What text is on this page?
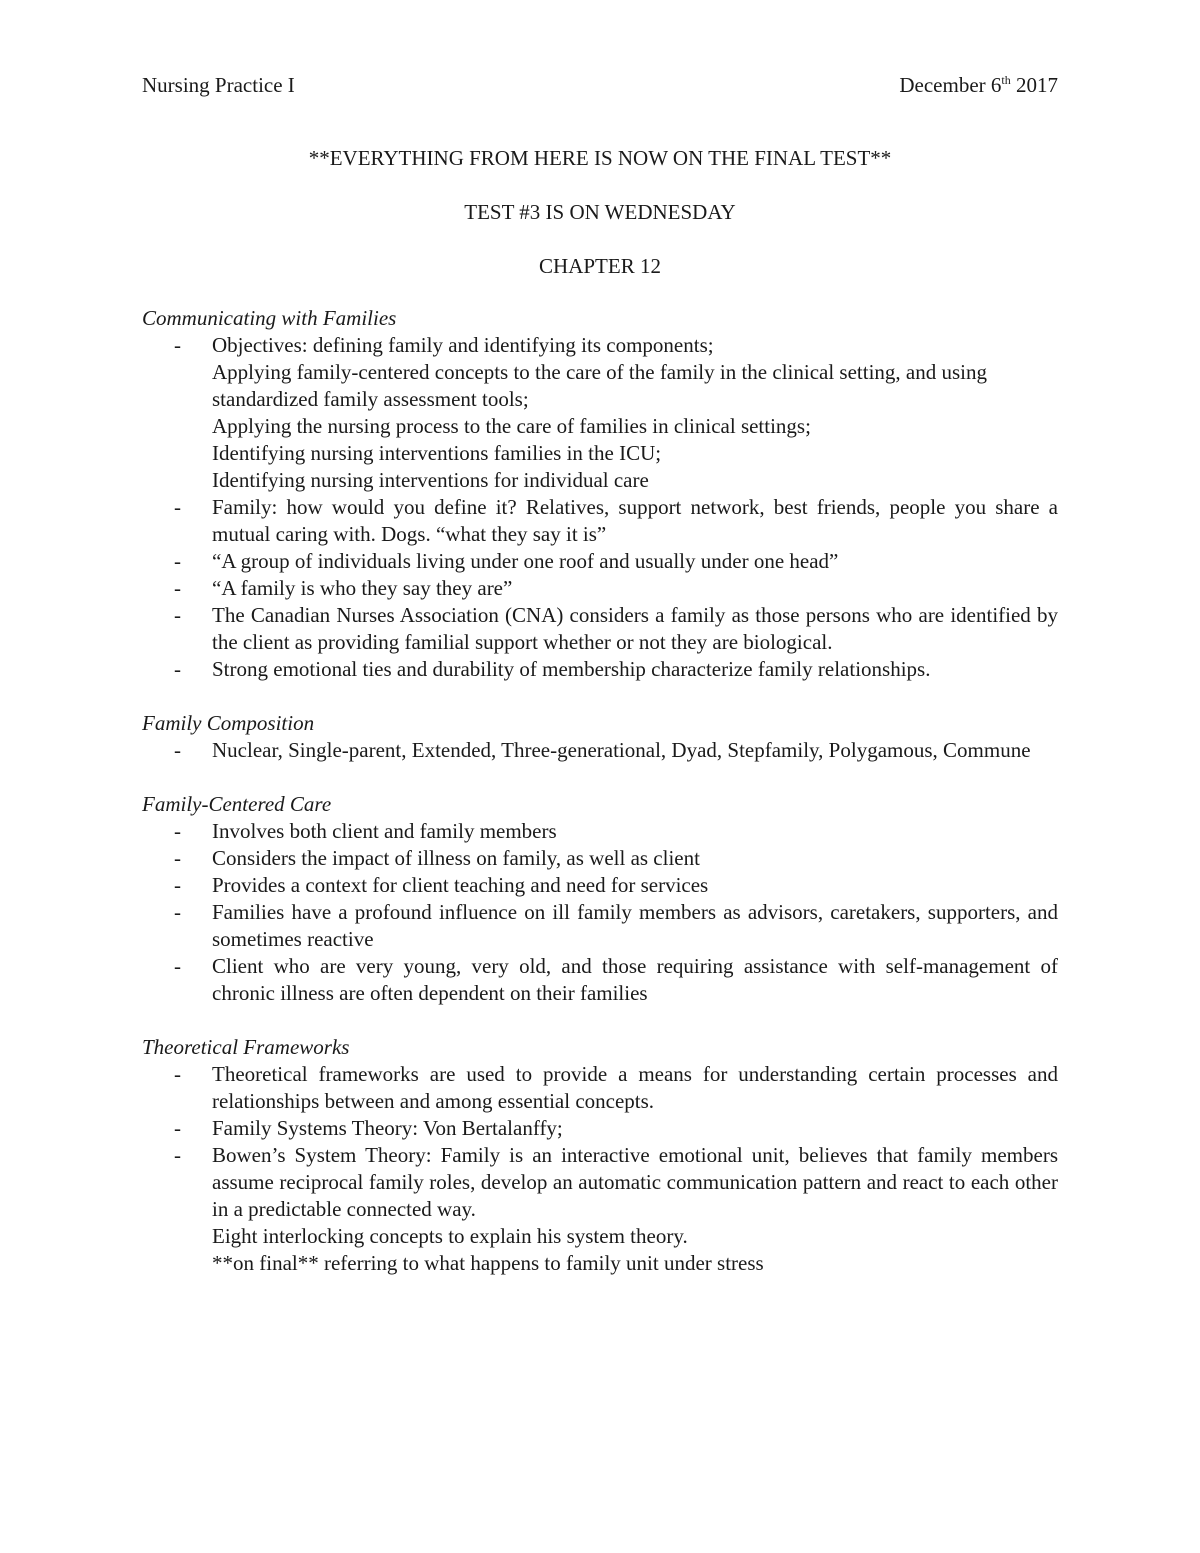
Nursing Practice I	December 6th 2017
**EVERYTHING FROM HERE IS NOW ON THE FINAL TEST**
TEST #3 IS ON WEDNESDAY
CHAPTER 12

Communicating with Families

- Objectives: defining family and identifying its components;
Applying family-centered concepts to the care of the family in the clinical setting, and using standardized family assessment tools;
Applying the nursing process to the care of families in clinical settings;
Identifying nursing interventions families in the ICU;
Identifying nursing interventions for individual care
- Family: how would you define it? Relatives, support network, best friends, people you share a mutual caring with. Dogs. “what they say it is”
- “A group of individuals living under one roof and usually under one head”
- “A family is who they say they are”
- The Canadian Nurses Association (CNA) considers a family as those persons who are identified by the client as providing familial support whether or not they are biological.
- Strong emotional ties and durability of membership characterize family relationships.

Family Composition

- Nuclear, Single-parent, Extended, Three-generational, Dyad, Stepfamily, Polygamous, Commune

Family-Centered Care

- Involves both client and family members
- Considers the impact of illness on family, as well as client
- Provides a context for client teaching and need for services
- Families have a profound influence on ill family members as advisors, caretakers, supporters, and sometimes reactive
- Client who are very young, very old, and those requiring assistance with self-management of chronic illness are often dependent on their families

Theoretical Frameworks

- Theoretical frameworks are used to provide a means for understanding certain processes and relationships between and among essential concepts.
- Family Systems Theory: Von Bertalanffy;
- Bowen’s System Theory: Family is an interactive emotional unit, believes that family members assume reciprocal family roles, develop an automatic communication pattern and react to each other in a predictable connected way.
Eight interlocking concepts to explain his system theory.
**on final** referring to what happens to family unit under stress
